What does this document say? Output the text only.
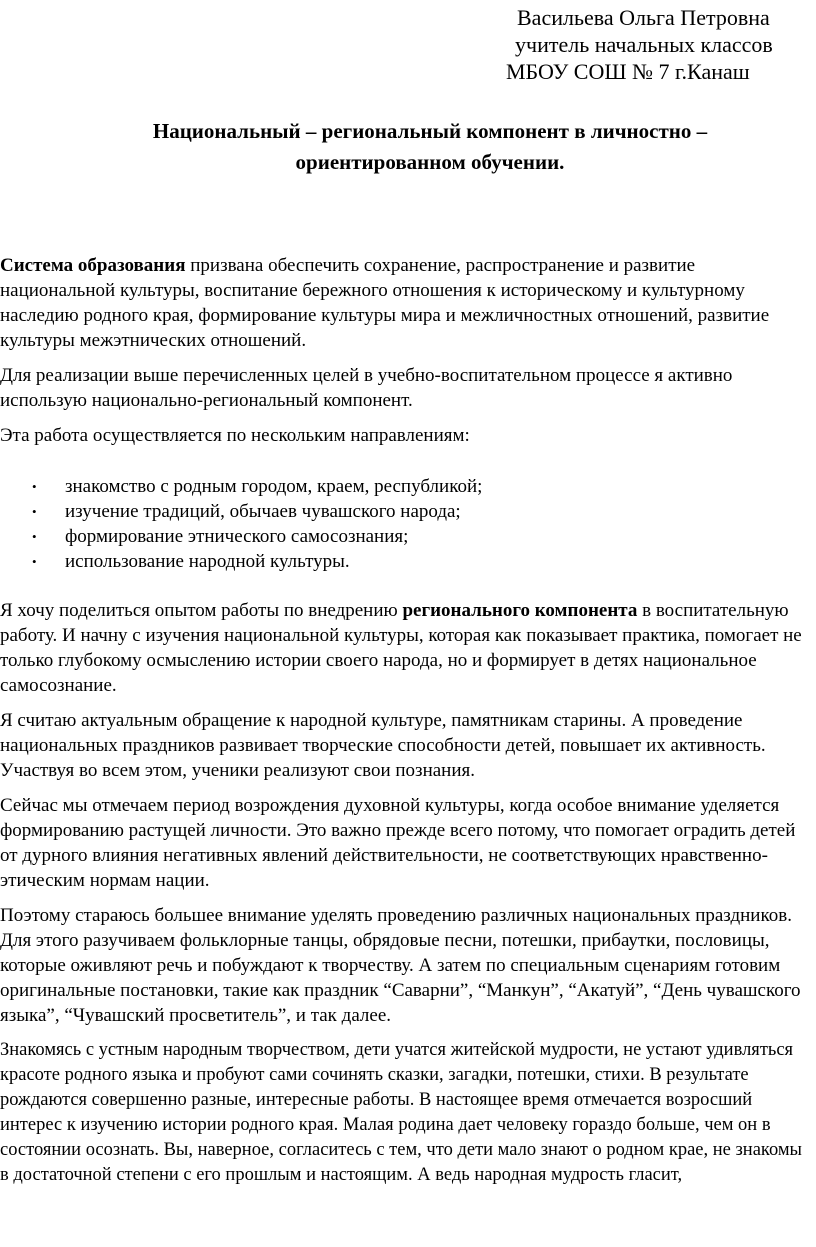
Васильева Ольга Петровна
учитель начальных классов
МБОУ СОШ № 7 г.Канаш
Национальный – региональный компонент в личностно –
ориентированном обучении.

Система образования призвана обеспечить сохранение, распространение и развитие национальной культуры, воспитание бережного отношения к историческому и культурному наследию родного края, формирование культуры мира и межличностных отношений, развитие культуры межэтнических отношений.

Для реализации выше перечисленных целей в учебно-воспитательном процессе я активно использую национально-региональный компонент.

Эта работа осуществляется по нескольким направлениям:

• знакомство с родным городом, краем, республикой;
• изучение традиций, обычаев чувашского народа;
• формирование этнического самосознания;
• использование народной культуры.

Я хочу поделиться опытом работы по внедрению регионального компонента в воспитательную работу. И начну с изучения национальной культуры, которая как показывает практика, помогает не только глубокому осмыслению истории своего народа, но и формирует в детях национальное самосознание.

Я считаю актуальным обращение к народной культуре, памятникам старины. А проведение национальных праздников развивает творческие способности детей, повышает их активность. Участвуя во всем этом, ученики реализуют свои познания.

Сейчас мы отмечаем период возрождения духовной культуры, когда особое внимание уделяется формированию растущей личности. Это важно прежде всего потому, что помогает оградить детей от дурного влияния негативных явлений действительности, не соответствующих нравственно-этическим нормам нации.

Поэтому стараюсь большее внимание уделять проведению различных национальных праздников. Для этого разучиваем фольклорные танцы, обрядовые песни, потешки, прибаутки, пословицы, которые оживляют речь и побуждают к творчеству. А затем по специальным сценариям готовим оригинальные постановки, такие как праздник “Саварни”, “Манкун”, “Акатуй”, “День чувашского языка”, “Чувашский просветитель”, и так далее.

Знакомясь с устным народным творчеством, дети учатся житейской мудрости, не устают удивляться красоте родного языка и пробуют сами сочинять сказки, загадки, потешки, стихи. В результате рождаются совершенно разные, интересные работы. В настоящее время отмечается возросший интерес к изучению истории родного края. Малая родина дает человеку гораздо больше, чем он в состоянии осознать. Вы, наверное, согласитесь с тем, что дети мало знают о родном крае, не знакомы в достаточной степени с его прошлым и настоящим. А ведь народная мудрость гласит,
